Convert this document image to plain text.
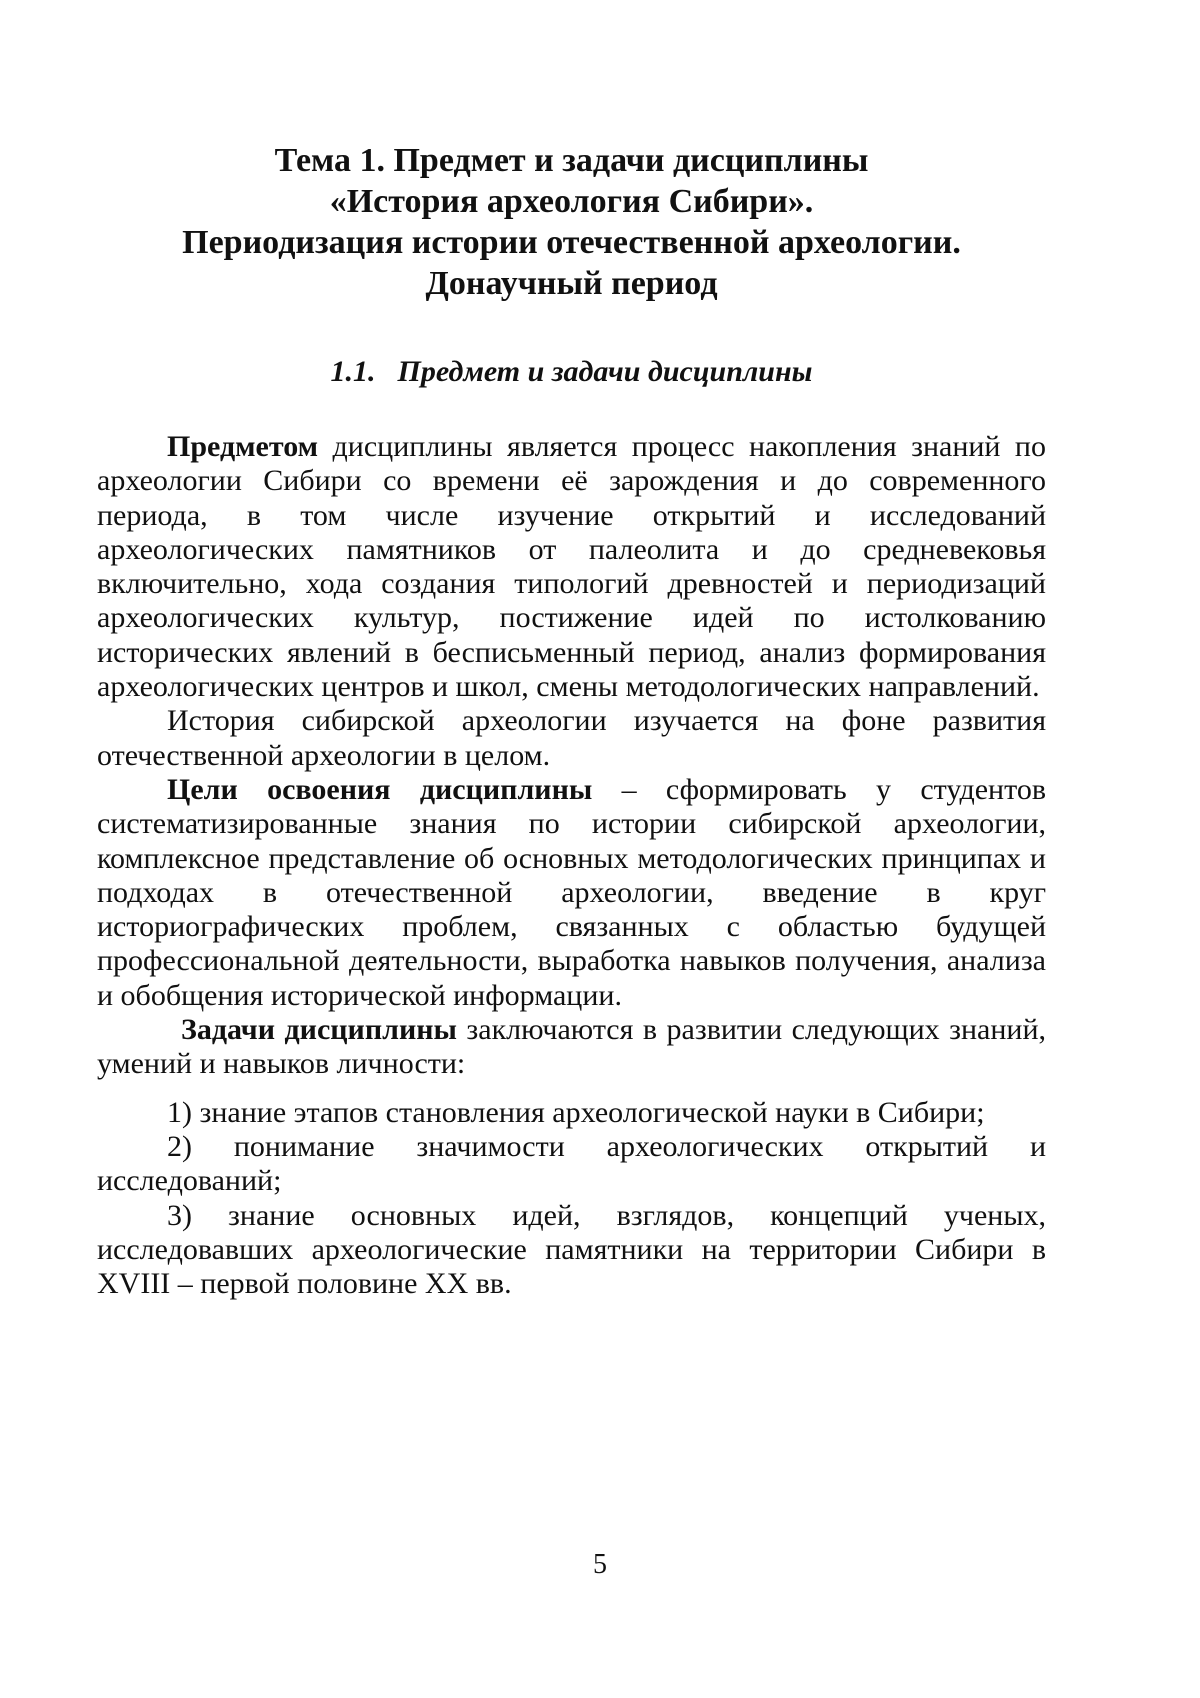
Тема 1. Предмет и задачи дисциплины
«История археология Сибири».
Периодизация истории отечественной археологии.
Донаучный период
1.1. Предмет и задачи дисциплины

Предметом дисциплины является процесс накопления знаний по археологии Сибири со времени её зарождения и до современного периода, в том числе изучение открытий и исследований археологических памятников от палеолита и до средневековья включительно, хода создания типологий древностей и периодизаций археологических культур, постижение идей по истолкованию исторических явлений в бесписьменный период, анализ формирования археологических центров и школ, смены методологических направлений.

История сибирской археологии изучается на фоне развития отечественной археологии в целом.

Цели освоения дисциплины – сформировать у студентов систематизированные знания по истории сибирской археологии, комплексное представление об основных методологических принципах и подходах в отечественной археологии, введение в круг историографических проблем, связанных с областью будущей профессиональной деятельности, выработка навыков получения, анализа и обобщения исторической информации.

Задачи дисциплины заключаются в развитии следующих знаний, умений и навыков личности:

1) знание этапов становления археологической науки в Сибири;

2) понимание значимости археологических открытий и исследований;

3) знание основных идей, взглядов, концепций ученых, исследовавших археологические памятники на территории Сибири в XVIII – первой половине XX вв.

5
